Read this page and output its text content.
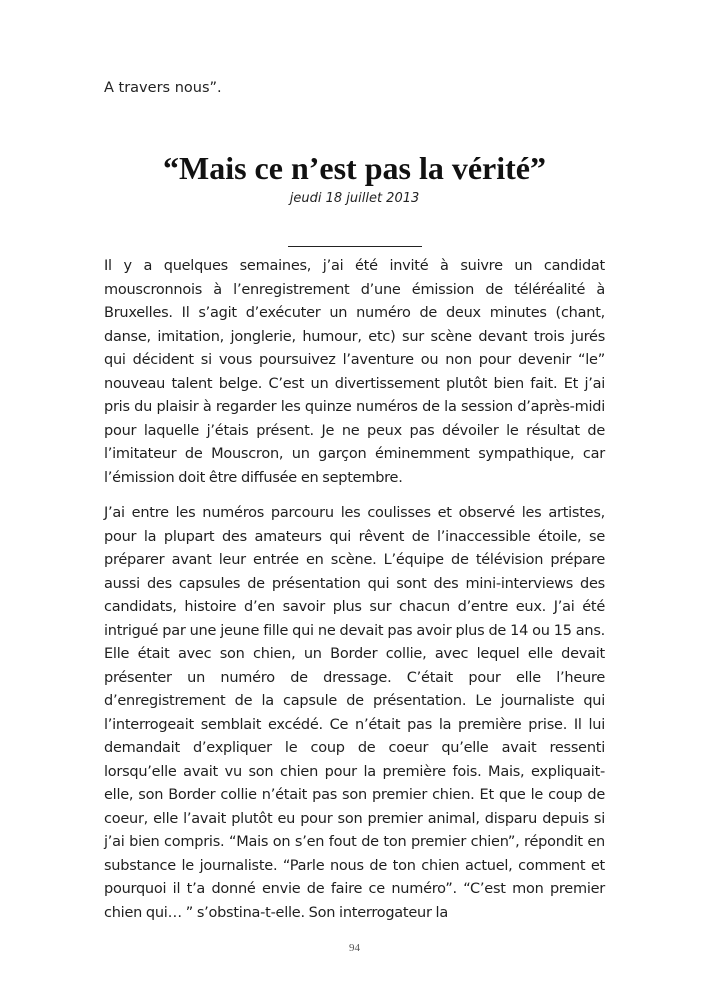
A travers nous”.

“Mais ce n’est pas la vérité”

jeudi 18 juillet 2013

Il y a quelques semaines, j’ai été invité à suivre un candidat mouscronnois à l’enregistrement d’une émission de téléréalité à Bruxelles. Il s’agit d’exécuter un numéro de deux minutes (chant, danse, imitation, jonglerie, humour, etc) sur scène devant trois jurés qui décident si vous poursuivez l’aventure ou non pour devenir “le” nouveau talent belge. C’est un divertissement plutôt bien fait. Et j’ai pris du plaisir à regarder les quinze numéros de la session d’après-midi pour laquelle j’étais présent. Je ne peux pas dévoiler le résultat de l’imitateur de Mouscron, un garçon éminemment sympathique, car l’émission doit être diffusée en septembre.

J’ai entre les numéros parcouru les coulisses et observé les artistes, pour la plupart des amateurs qui rêvent de l’inaccessible étoile, se préparer avant leur entrée en scène. L’équipe de télévision prépare aussi des capsules de présentation qui sont des mini-interviews des candidats, histoire d’en savoir plus sur chacun d’entre eux. J’ai été intrigué par une jeune fille qui ne devait pas avoir plus de 14 ou 15 ans. Elle était avec son chien, un Border collie, avec lequel elle devait présenter un numéro de dressage. C’était pour elle l’heure d’enregistrement de la capsule de présentation. Le journaliste qui l’interrogeait semblait excédé. Ce n’était pas la première prise. Il lui demandait d’expliquer le coup de coeur qu’elle avait ressenti lorsqu’elle avait vu son chien pour la première fois. Mais, expliquait-elle, son Border collie n’était pas son premier chien. Et que le coup de coeur, elle l’avait plutôt eu pour son premier animal, disparu depuis si j’ai bien compris. “Mais on s’en fout de ton premier chien”, répondit en substance le journaliste. “Parle nous de ton chien actuel, comment et pourquoi il t’a donné envie de faire ce numéro”. “C’est mon premier chien qui… ” s’obstina-t-elle. Son interrogateur la

94
